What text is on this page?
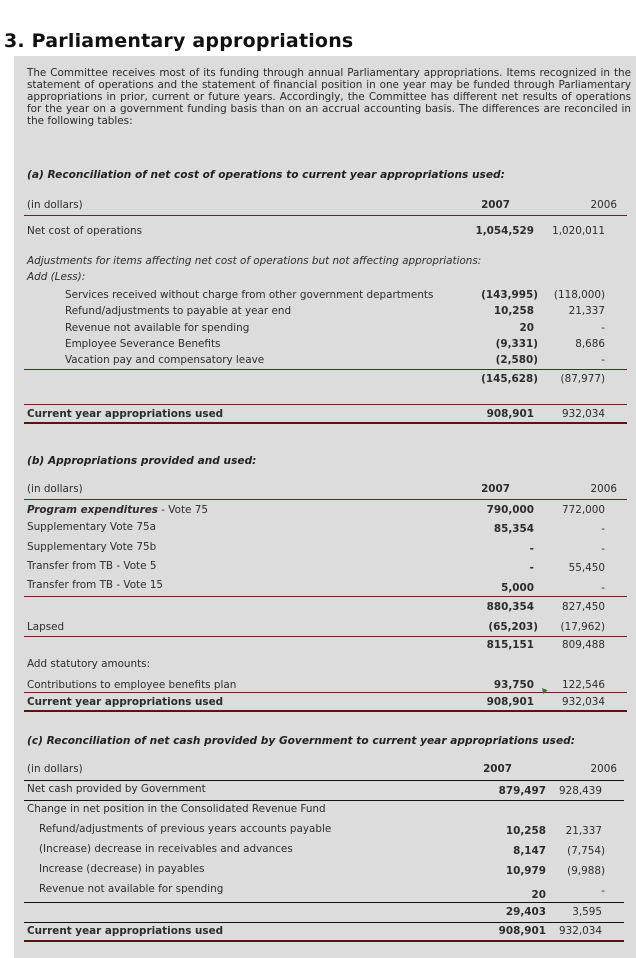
3. Parliamentary appropriations
The Committee receives most of its funding through annual Parliamentary appropriations. Items recognized in the statement of operations and the statement of financial position in one year may be funded through Parliamentary appropriations in prior, current or future years. Accordingly, the Committee has different net results of operations for the year on a government funding basis than on an accrual accounting basis. The differences are reconciled in the following tables:
(a) Reconciliation of net cost of operations to current year appropriations used:
(in dollars)	2007	2006
Net cost of operations	1,054,529 1,020,011
Adjustments for items affecting net cost of operations but not affecting appropriations:
Add (Less):
Services received without charge from other government departments	(143,995) (118,000)
Refund/adjustments to payable at year end	10,258	21,337
Revenue not available for spending	20	-
Employee Severance Benefits	(9,331)	8,686
Vacation pay and compensatory leave	(2,580)	-
(145,628) (87,977)
Current year appropriations used	908,901	932,034
(b) Appropriations provided and used:
(in dollars)	2007	2006
Program expenditures - Vote 75	790,000	772,000
Supplementary Vote 75a	85,354	-
Supplementary Vote 75b	-	-
Transfer from TB - Vote 5	-	55,450
Transfer from TB - Vote 15	5,000	-
880,354	827,450
Lapsed	(65,203) (17,962)
815,151	809,488
Add statutory amounts:
Contributions to employee benefits plan	93,750	122,546
Current year appropriations used	908,901	932,034
(c) Reconciliation of net cash provided by Government to current year appropriations used:
(in dollars)	2007	2006
Net cash provided by Government	879,497 928,439
Change in net position in the Consolidated Revenue Fund
Refund/adjustments of previous years accounts payable	10,258 21,337
(Increase) decrease in receivables and advances	8,147 (7,754)
Increase (decrease) in payables	10,979 (9,988)
Revenue not available for spending	20	-
29,403	3,595
Current year appropriations used	908,901 932,034
